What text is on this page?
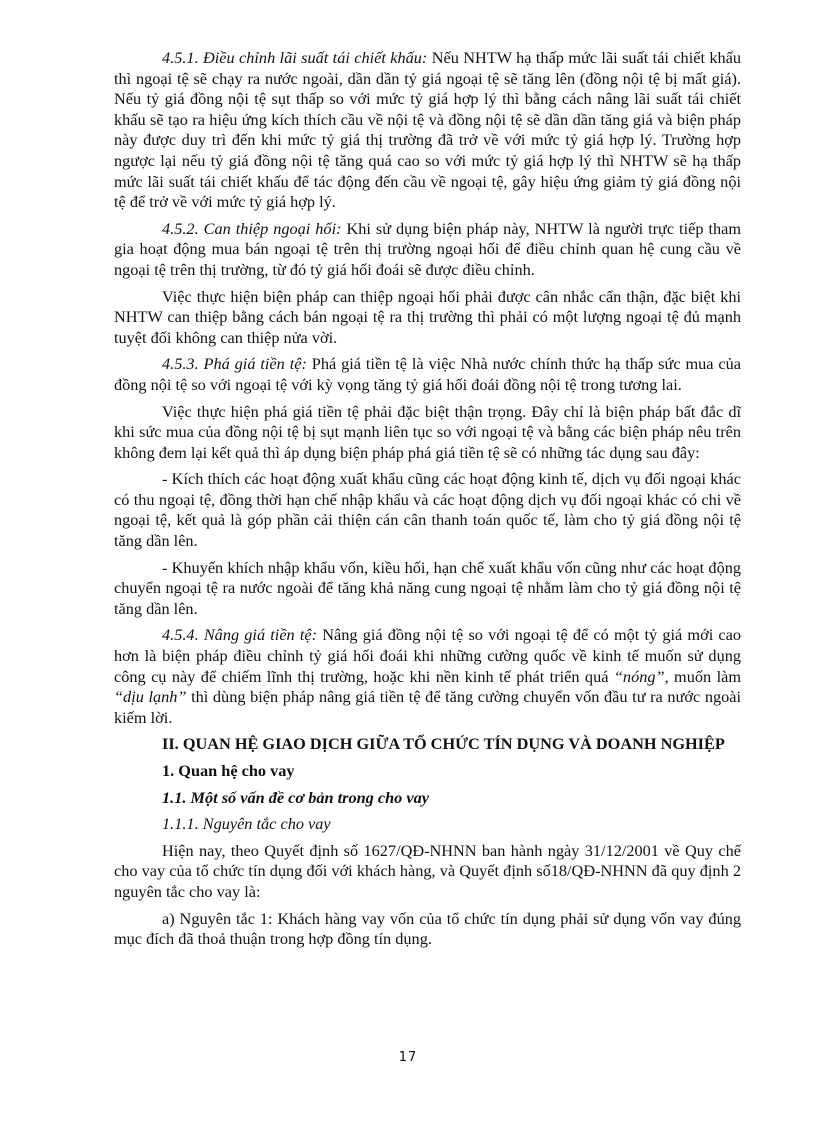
4.5.1. Điều chỉnh lãi suất tái chiết khấu: Nếu NHTW hạ thấp mức lãi suất tái chiết khấu thì ngoại tệ sẽ chạy ra nước ngoài, dần dần tỷ giá ngoại tệ sẽ tăng lên (đồng nội tệ bị mất giá). Nếu tỷ giá đồng nội tệ sụt thấp so với mức tỷ giá hợp lý thì bằng cách nâng lãi suất tái chiết khấu sẽ tạo ra hiệu ứng kích thích cầu về nội tệ và đồng nội tệ sẽ dần dần tăng giá và biện pháp này được duy trì đến khi mức tỷ giá thị trường đã trở về với mức tỷ giá hợp lý. Trường hợp ngược lại nếu tỷ giá đồng nội tệ tăng quá cao so với mức tỷ giá hợp lý thì NHTW sẽ hạ thấp mức lãi suất tái chiết khấu để tác động đến cầu về ngoại tệ, gây hiệu ứng giảm tỷ giá đồng nội tệ để trở về với mức tỷ giá hợp lý.

4.5.2. Can thiệp ngoại hối: Khi sử dụng biện pháp này, NHTW là người trực tiếp tham gia hoạt động mua bán ngoại tệ trên thị trường ngoại hối để điều chỉnh quan hệ cung cầu về ngoại tệ trên thị trường, từ đó tỷ giá hối đoái sẽ được điều chỉnh.

Việc thực hiện biện pháp can thiệp ngoại hối phải được cân nhắc cẩn thận, đặc biệt khi NHTW can thiệp bằng cách bán ngoại tệ ra thị trường thì phải có một lượng ngoại tệ đủ mạnh tuyệt đối không can thiệp nửa vời.

4.5.3. Phá giá tiền tệ: Phá giá tiền tệ là việc Nhà nước chính thức hạ thấp sức mua của đồng nội tệ so với ngoại tệ với kỳ vọng tăng tỷ giá hối đoái đồng nội tệ trong tương lai.

Việc thực hiện phá giá tiền tệ phải đặc biệt thận trọng. Đây chỉ là biện pháp bất đắc dĩ khi sức mua của đồng nội tệ bị sụt mạnh liên tục so với ngoại tệ và bằng các biện pháp nêu trên không đem lại kết quả thì áp dụng biện pháp phá giá tiền tệ sẽ có những tác dụng sau đây:

- Kích thích các hoạt động xuất khẩu cũng các hoạt động kinh tế, dịch vụ đối ngoại khác có thu ngoại tệ, đồng thời hạn chế nhập khẩu và các hoạt động dịch vụ đối ngoại khác có chi về ngoại tệ, kết quả là góp phần cải thiện cán cân thanh toán quốc tế, làm cho tỷ giá đồng nội tệ tăng dần lên.

- Khuyến khích nhập khẩu vốn, kiều hối, hạn chế xuất khẩu vốn cũng như các hoạt động chuyển ngoại tệ ra nước ngoài để tăng khả năng cung ngoại tệ nhằm làm cho tỷ giá đồng nội tệ tăng dần lên.

4.5.4. Nâng giá tiền tệ: Nâng giá đồng nội tệ so với ngoại tệ để có một tỷ giá mới cao hơn là biện pháp điều chỉnh tỷ giá hối đoái khi những cường quốc về kinh tế muốn sử dụng công cụ này để chiếm lĩnh thị trường, hoặc khi nền kinh tế phát triển quá “nóng”, muốn làm “dịu lạnh” thì dùng biện pháp nâng giá tiền tệ để tăng cường chuyển vốn đầu tư ra nước ngoài kiếm lời.

II. QUAN HỆ GIAO DỊCH GIỮA TỔ CHỨC TÍN DỤNG VÀ DOANH NGHIỆP
1. Quan hệ cho vay
1.1. Một số vấn đề cơ bản trong cho vay
1.1.1. Nguyên tắc cho vay

Hiện nay, theo Quyết định số 1627/QĐ-NHNN ban hành ngày 31/12/2001 về Quy chế cho vay của tổ chức tín dụng đối với khách hàng, và Quyết định số18/QĐ-NHNN đã quy định 2 nguyên tắc cho vay là:

a) Nguyên tắc 1: Khách hàng vay vốn của tổ chức tín dụng phải sử dụng vốn vay đúng mục đích đã thoả thuận trong hợp đồng tín dụng.

17
